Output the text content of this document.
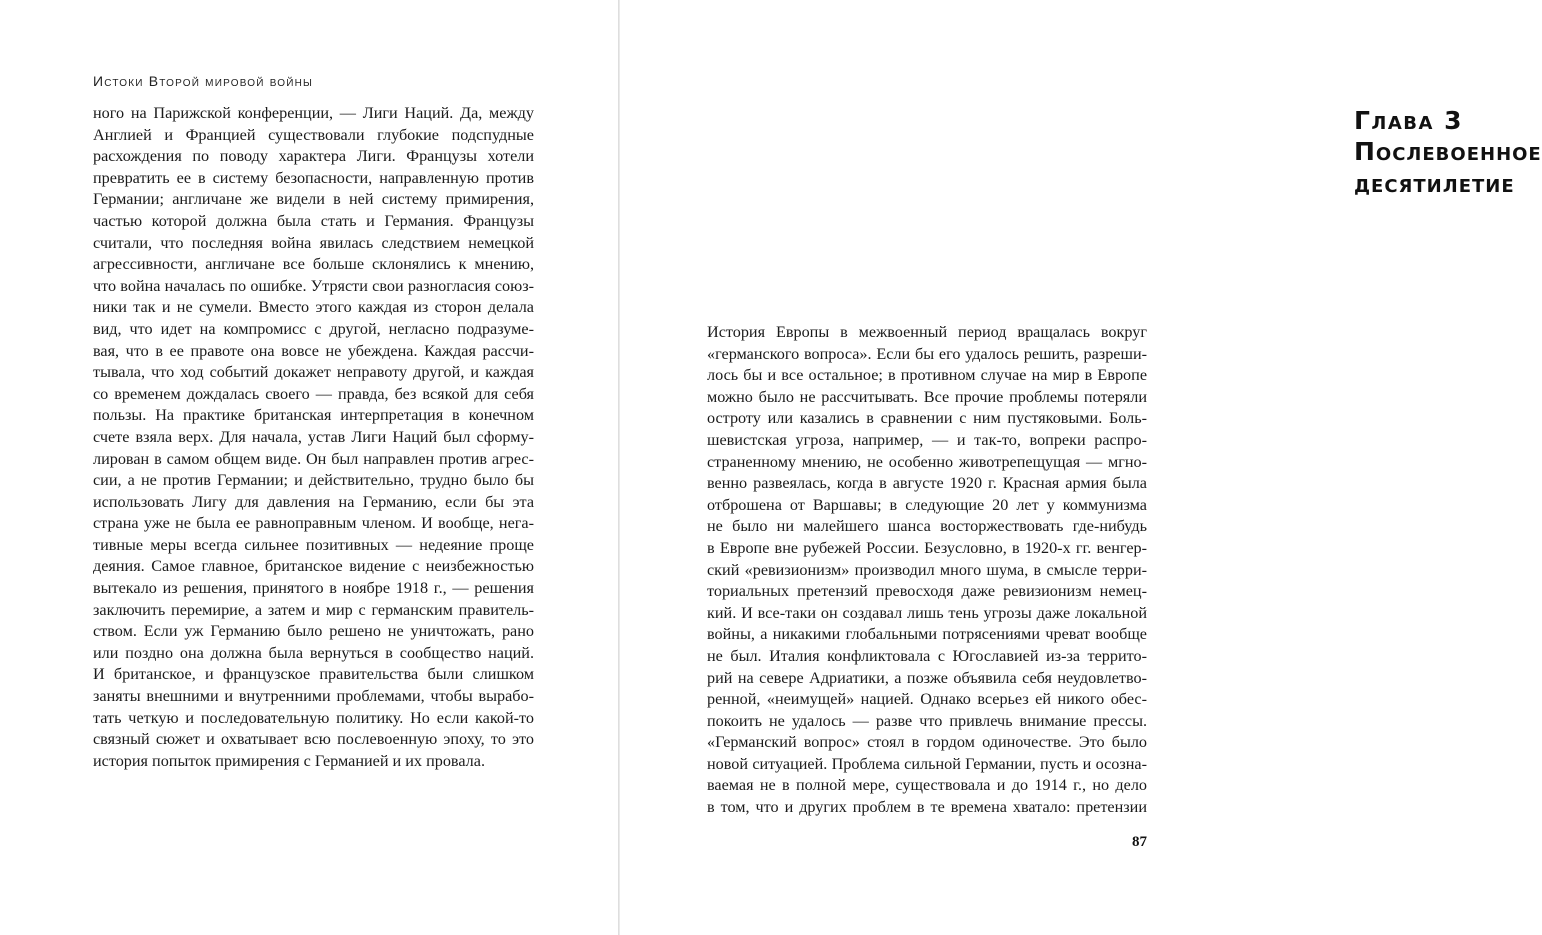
Истоки Второй мировой войны
ного на Парижской конференции, — Лиги Наций. Да, между
Англией и Францией существовали глубокие подспудные
расхождения по поводу характера Лиги. Французы хотели
превратить ее в систему безопасности, направленную против
Германии; англичане же видели в ней систему примирения,
частью которой должна была стать и Германия. Французы
считали, что последняя война явилась следствием немецкой
агрессивности, англичане все больше склонялись к мнению,
что война началась по ошибке. Утрясти свои разногласия союз-
ники так и не сумели. Вместо этого каждая из сторон делала
вид, что идет на компромисс с другой, негласно подразуме-
вая, что в ее правоте она вовсе не убеждена. Каждая рассчи-
тывала, что ход событий докажет неправоту другой, и каждая
со временем дождалась своего — правда, без всякой для себя
пользы. На практике британская интерпретация в конечном
счете взяла верх. Для начала, устав Лиги Наций был сформу-
лирован в самом общем виде. Он был направлен против агрес-
сии, а не против Германии; и действительно, трудно было бы
использовать Лигу для давления на Германию, если бы эта
страна уже не была ее равноправным членом. И вообще, нега-
тивные меры всегда сильнее позитивных — недеяние проще
деяния. Самое главное, британское видение с неизбежностью
вытекало из решения, принятого в ноябре 1918 г., — решения
заключить перемирие, а затем и мир с германским правитель-
ством. Если уж Германию было решено не уничтожать, рано
или поздно она должна была вернуться в сообщество наций.
И британское, и французское правительства были слишком
заняты внешними и внутренними проблемами, чтобы вырабо-
тать четкую и последовательную политику. Но если какой-то
связный сюжет и охватывает всю послевоенную эпоху, то это
история попыток примирения с Германией и их провала.
Глава 3
Послевоенное десятилетие
История Европы в межвоенный период вращалась вокруг
«германского вопроса». Если бы его удалось решить, разреши-
лось бы и все остальное; в противном случае на мир в Европе
можно было не рассчитывать. Все прочие проблемы потеряли
остроту или казались в сравнении с ним пустяковыми. Боль-
шевистская угроза, например, — и так-то, вопреки распро-
страненному мнению, не особенно животрепещущая — мгно-
венно развеялась, когда в августе 1920 г. Красная армия была
отброшена от Варшавы; в следующие 20 лет у коммунизма
не было ни малейшего шанса восторжествовать где-нибудь
в Европе вне рубежей России. Безусловно, в 1920-х гг. венгер-
ский «ревизионизм» производил много шума, в смысле терри-
ториальных претензий превосходя даже ревизионизм немец-
кий. И все-таки он создавал лишь тень угрозы даже локальной
войны, а никакими глобальными потрясениями чреват вообще
не был. Италия конфликтовала с Югославией из-за террито-
рий на севере Адриатики, а позже объявила себя неудовлетво-
ренной, «неимущей» нацией. Однако всерьез ей никого обес-
покоить не удалось — разве что привлечь внимание прессы.
«Германский вопрос» стоял в гордом одиночестве. Это было
новой ситуацией. Проблема сильной Германии, пусть и осозна-
ваемая не в полной мере, существовала и до 1914 г., но дело
в том, что и других проблем в те времена хватало: претензии
87
